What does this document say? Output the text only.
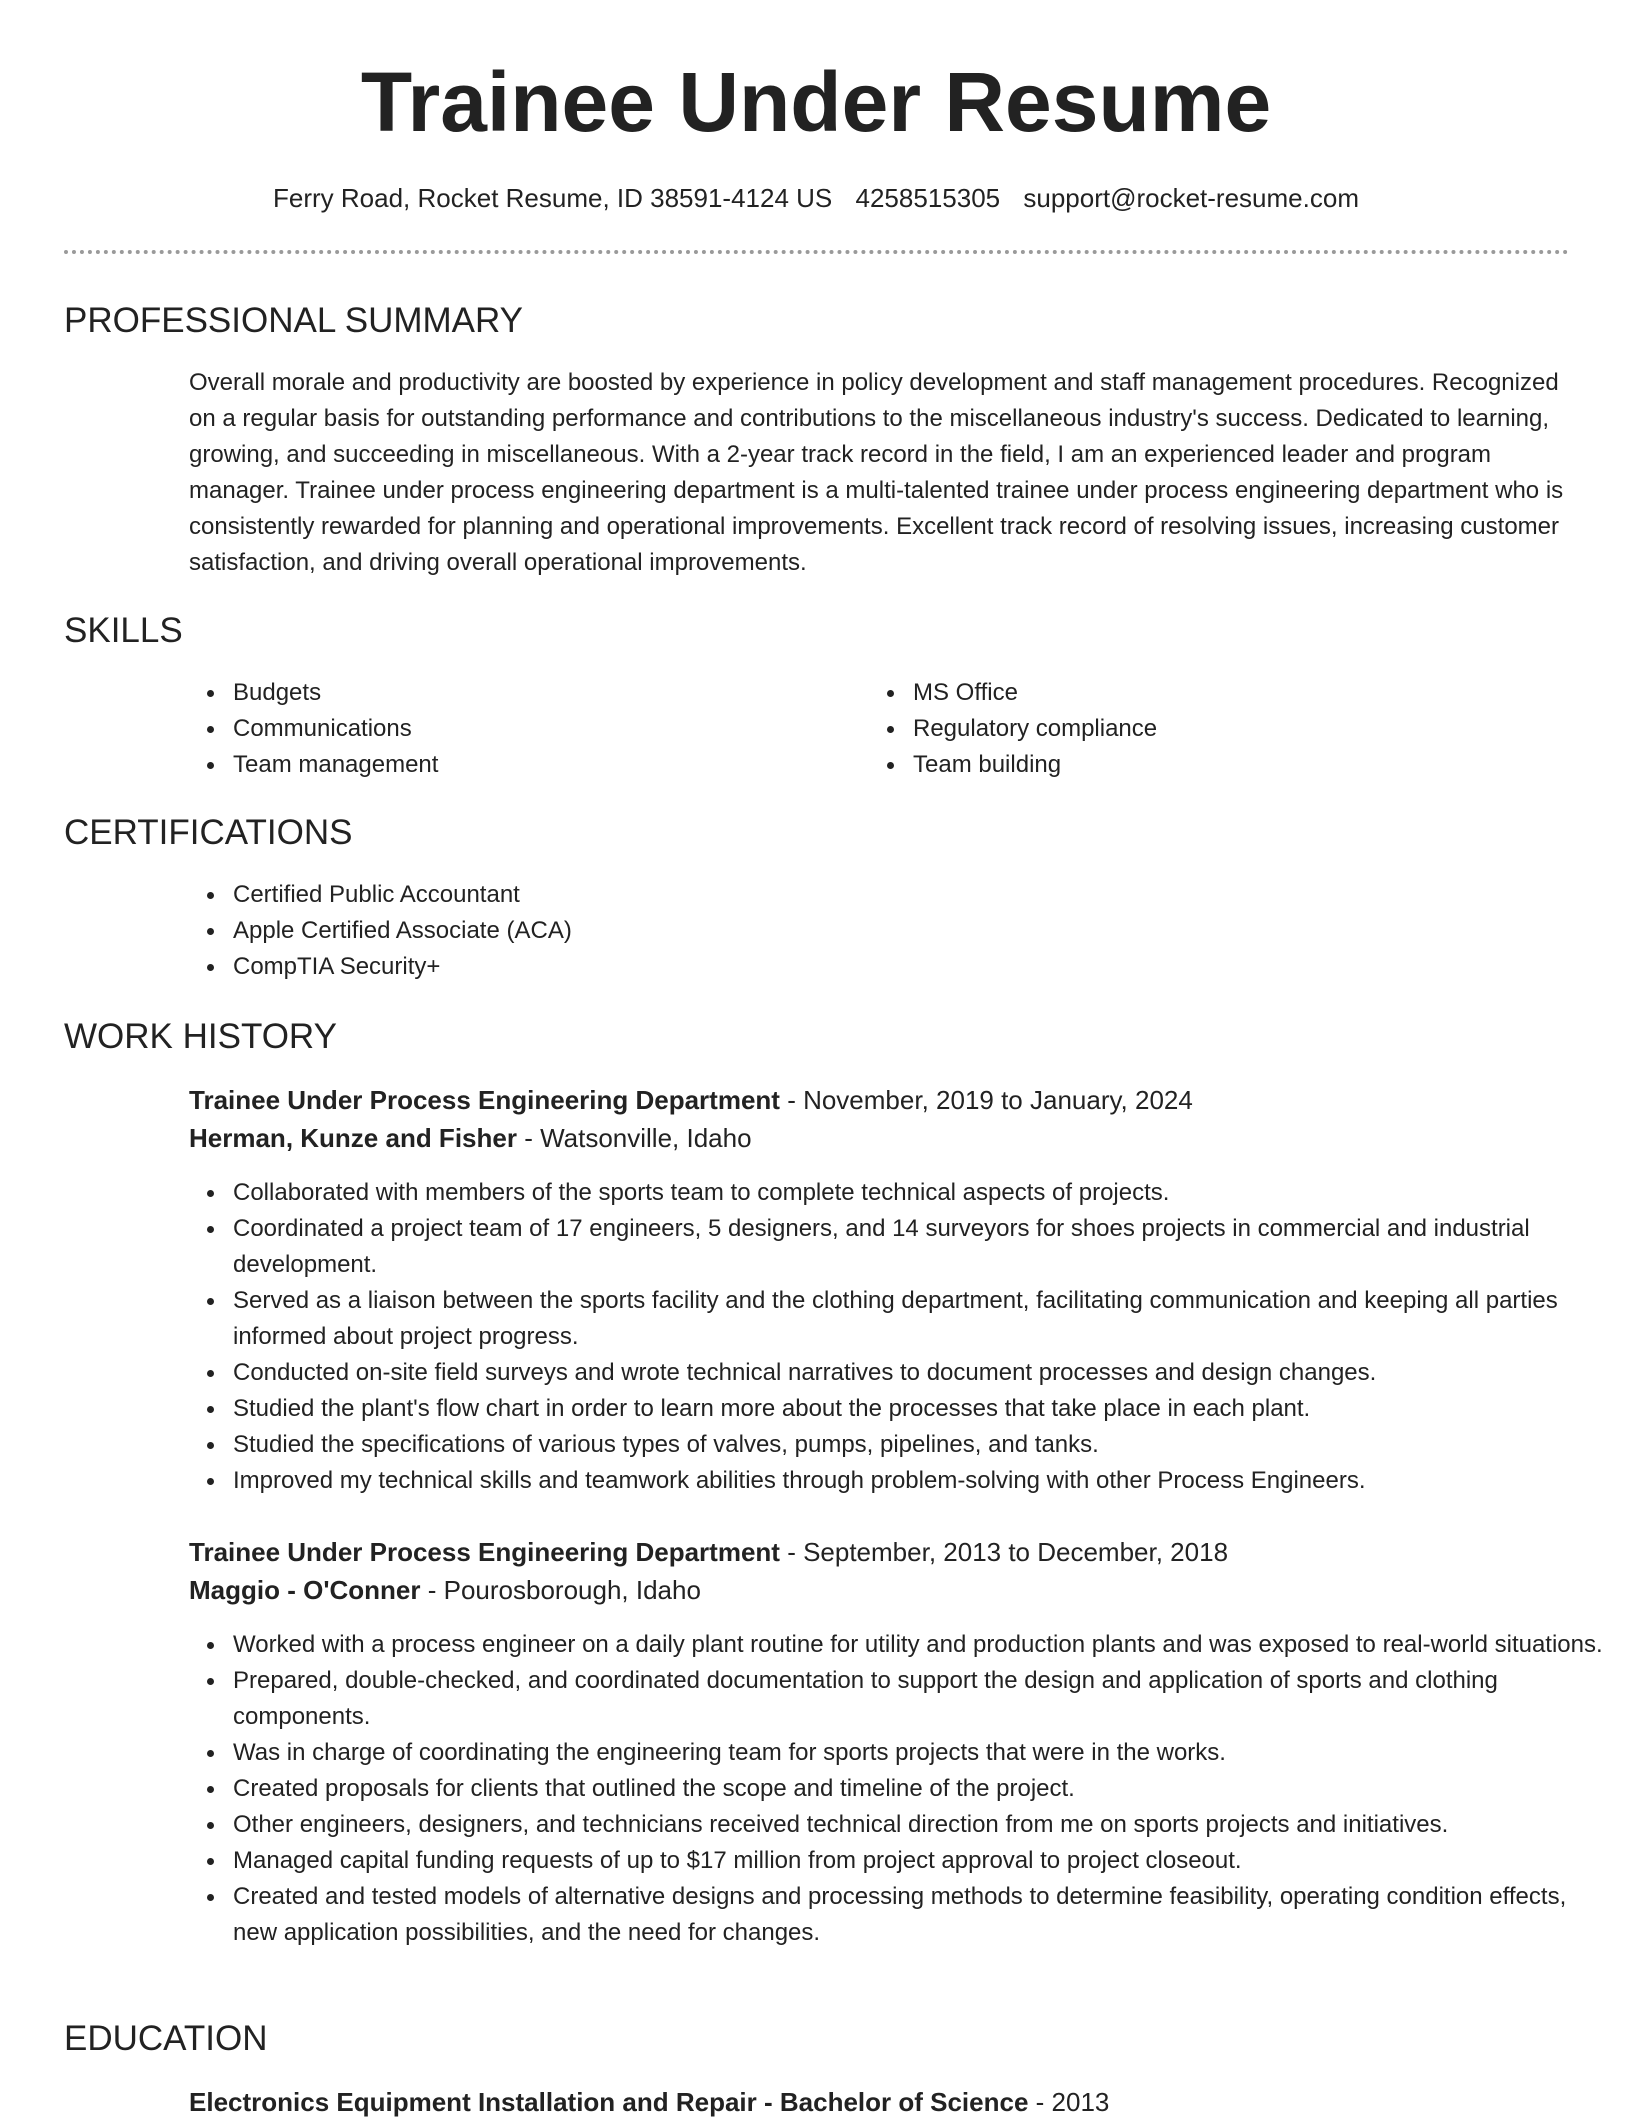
Trainee Under Resume
Ferry Road, Rocket Resume, ID 38591-4124 US 4258515305 support@rocket-resume.com
PROFESSIONAL SUMMARY

Overall morale and productivity are boosted by experience in policy development and staff management procedures. Recognized on a regular basis for outstanding performance and contributions to the miscellaneous industry's success. Dedicated to learning, growing, and succeeding in miscellaneous. With a 2-year track record in the field, I am an experienced leader and program manager. Trainee under process engineering department is a multi-talented trainee under process engineering department who is consistently rewarded for planning and operational improvements. Excellent track record of resolving issues, increasing customer satisfaction, and driving overall operational improvements.

SKILLS
Budgets
Communications
Team management
MS Office
Regulatory compliance
Team building
CERTIFICATIONS
Certified Public Accountant
Apple Certified Associate (ACA)
CompTIA Security+
WORK HISTORY
Trainee Under Process Engineering Department - November, 2019 to January, 2024
Herman, Kunze and Fisher - Watsonville, Idaho
Collaborated with members of the sports team to complete technical aspects of projects.
Coordinated a project team of 17 engineers, 5 designers, and 14 surveyors for shoes projects in commercial and industrial development.
Served as a liaison between the sports facility and the clothing department, facilitating communication and keeping all parties informed about project progress.
Conducted on-site field surveys and wrote technical narratives to document processes and design changes.
Studied the plant's flow chart in order to learn more about the processes that take place in each plant.
Studied the specifications of various types of valves, pumps, pipelines, and tanks.
Improved my technical skills and teamwork abilities through problem-solving with other Process Engineers.
Trainee Under Process Engineering Department - September, 2013 to December, 2018
Maggio - O'Conner - Pourosborough, Idaho
Worked with a process engineer on a daily plant routine for utility and production plants and was exposed to real-world situations.
Prepared, double-checked, and coordinated documentation to support the design and application of sports and clothing components.
Was in charge of coordinating the engineering team for sports projects that were in the works.
Created proposals for clients that outlined the scope and timeline of the project.
Other engineers, designers, and technicians received technical direction from me on sports projects and initiatives.
Managed capital funding requests of up to $17 million from project approval to project closeout.
Created and tested models of alternative designs and processing methods to determine feasibility, operating condition effects, new application possibilities, and the need for changes.
EDUCATION
Electronics Equipment Installation and Repair - Bachelor of Science - 2013
